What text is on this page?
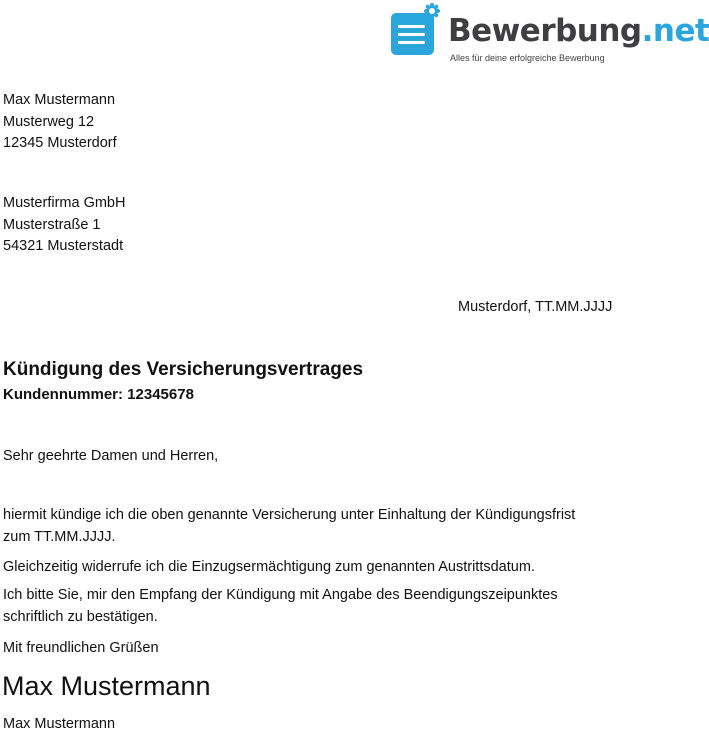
Bewerbung.net
Alles für deine erfolgreiche Bewerbung
Max Mustermann
Musterweg 12
12345 Musterdorf
Musterfirma GmbH
Musterstraße 1
54321 Musterstadt
Musterdorf, TT.MM.JJJJ
Kündigung des Versicherungsvertrages
Kundennummer: 12345678
Sehr geehrte Damen und Herren,
hiermit kündige ich die oben genannte Versicherung unter Einhaltung der Kündigungsfrist
zum TT.MM.JJJJ.
Gleichzeitig widerrufe ich die Einzugsermächtigung zum genannten Austrittsdatum.
Ich bitte Sie, mir den Empfang der Kündigung mit Angabe des Beendigungszeipunktes
schriftlich zu bestätigen.
Mit freundlichen Grüßen
Max Mustermann
Max Mustermann
